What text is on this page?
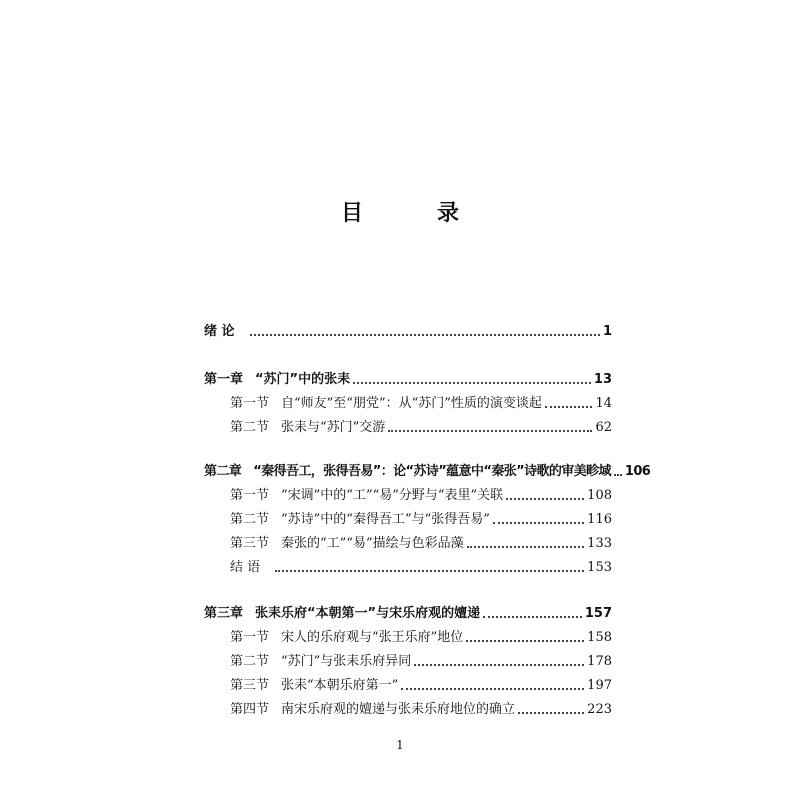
目　录
绪 论	1
第一章 “苏门”中的张耒	13
第一节 自“师友”至“朋党”：从“苏门”性质的演变谈起	14
第二节 张耒与“苏门”交游	62
第二章 “秦得吾工，张得吾易”：论“苏诗”蕴意中“秦张”诗歌的审美畛域 106
第一节 “宋调”中的“工”“易”分野与“表里”关联	108
第二节 “苏诗”中的“秦得吾工”与“张得吾易”	116
第三节 秦张的“工”“易”描绘与色彩品藻	133
结 语	153
第三章 张耒乐府“本朝第一”与宋乐府观的嬗递	157
第一节 宋人的乐府观与“张王乐府”地位	158
第二节 “苏门”与张耒乐府异同	178
第三节 张耒“本朝乐府第一”	197
第四节 南宋乐府观的嬗递与张耒乐府地位的确立	223
1
